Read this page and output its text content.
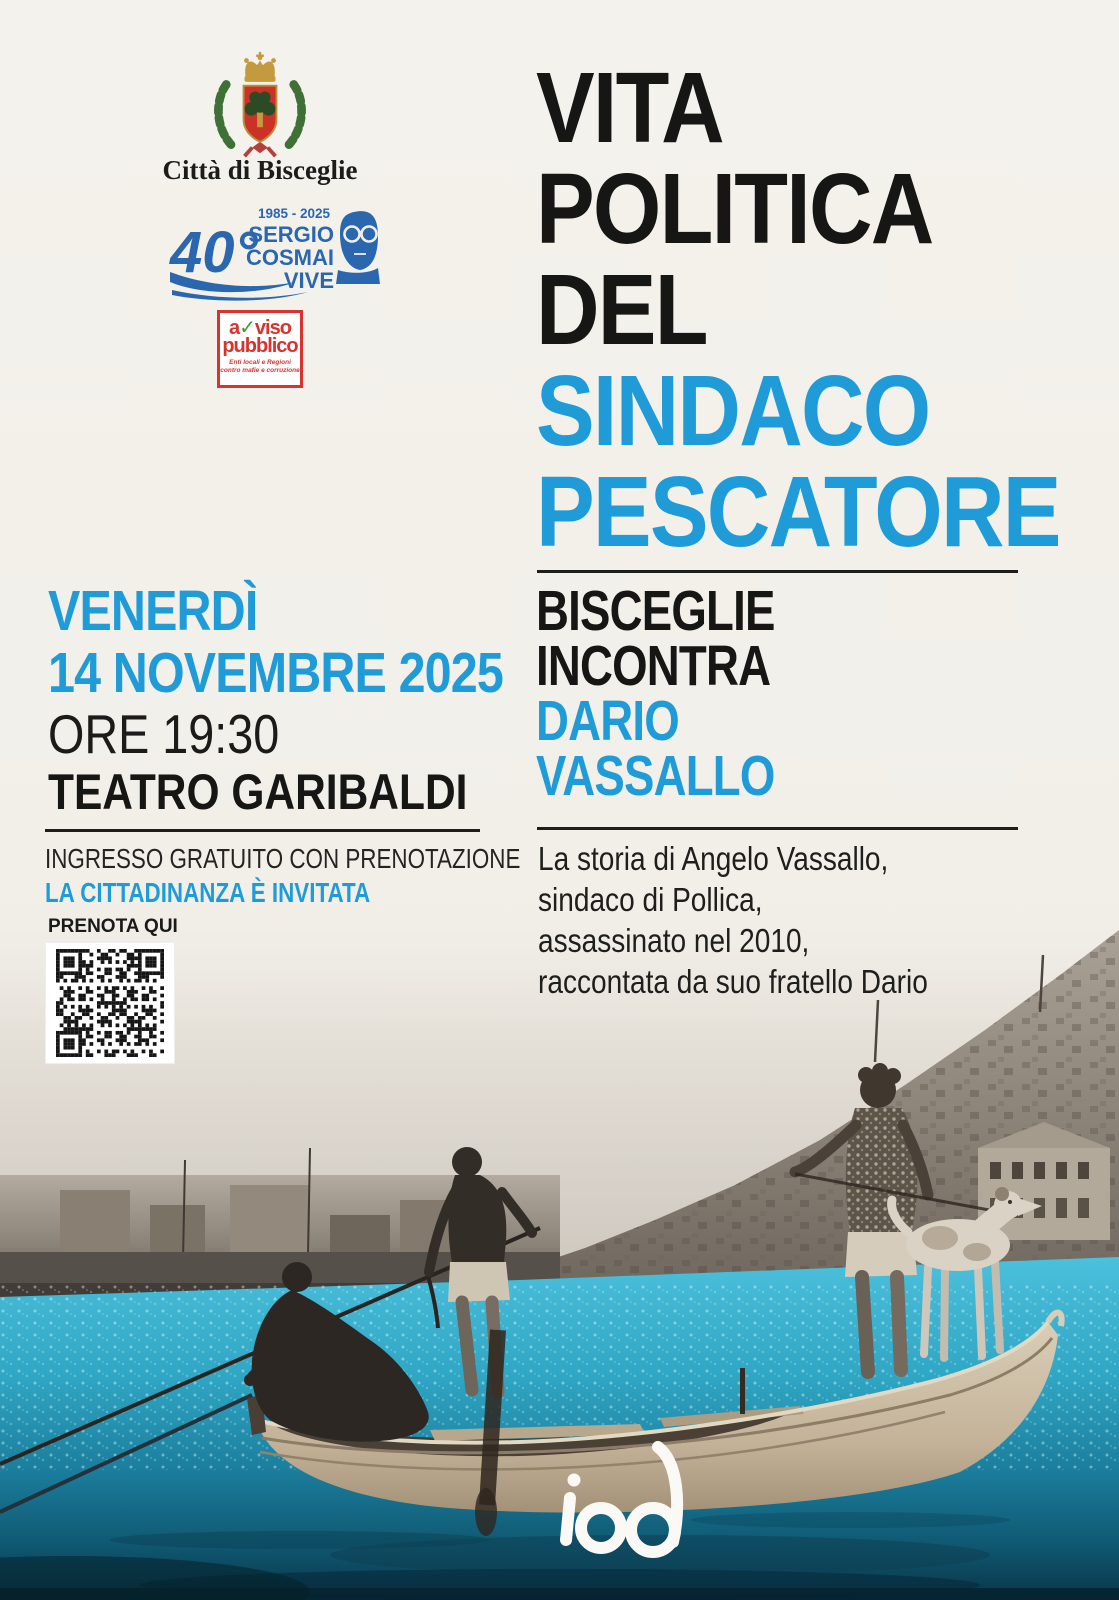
Città di Bisceglie
40°
1985 - 2025
SERGIO
COSMAI
VIVE
a✓viso
pubblico
Enti locali e Regioni
contro mafie e corruzione
VITA
POLITICA
DEL
SINDACO
PESCATORE
BISCEGLIE
INCONTRA
DARIO
VASSALLO
La storia di Angelo Vassallo,
sindaco di Pollica,
assassinato nel 2010,
raccontata da suo fratello Dario
VENERDÌ
14 NOVEMBRE 2025
ORE 19:30
TEATRO GARIBALDI
INGRESSO GRATUITO CON PRENOTAZIONE
LA CITTADINANZA È INVITATA
PRENOTA QUI
